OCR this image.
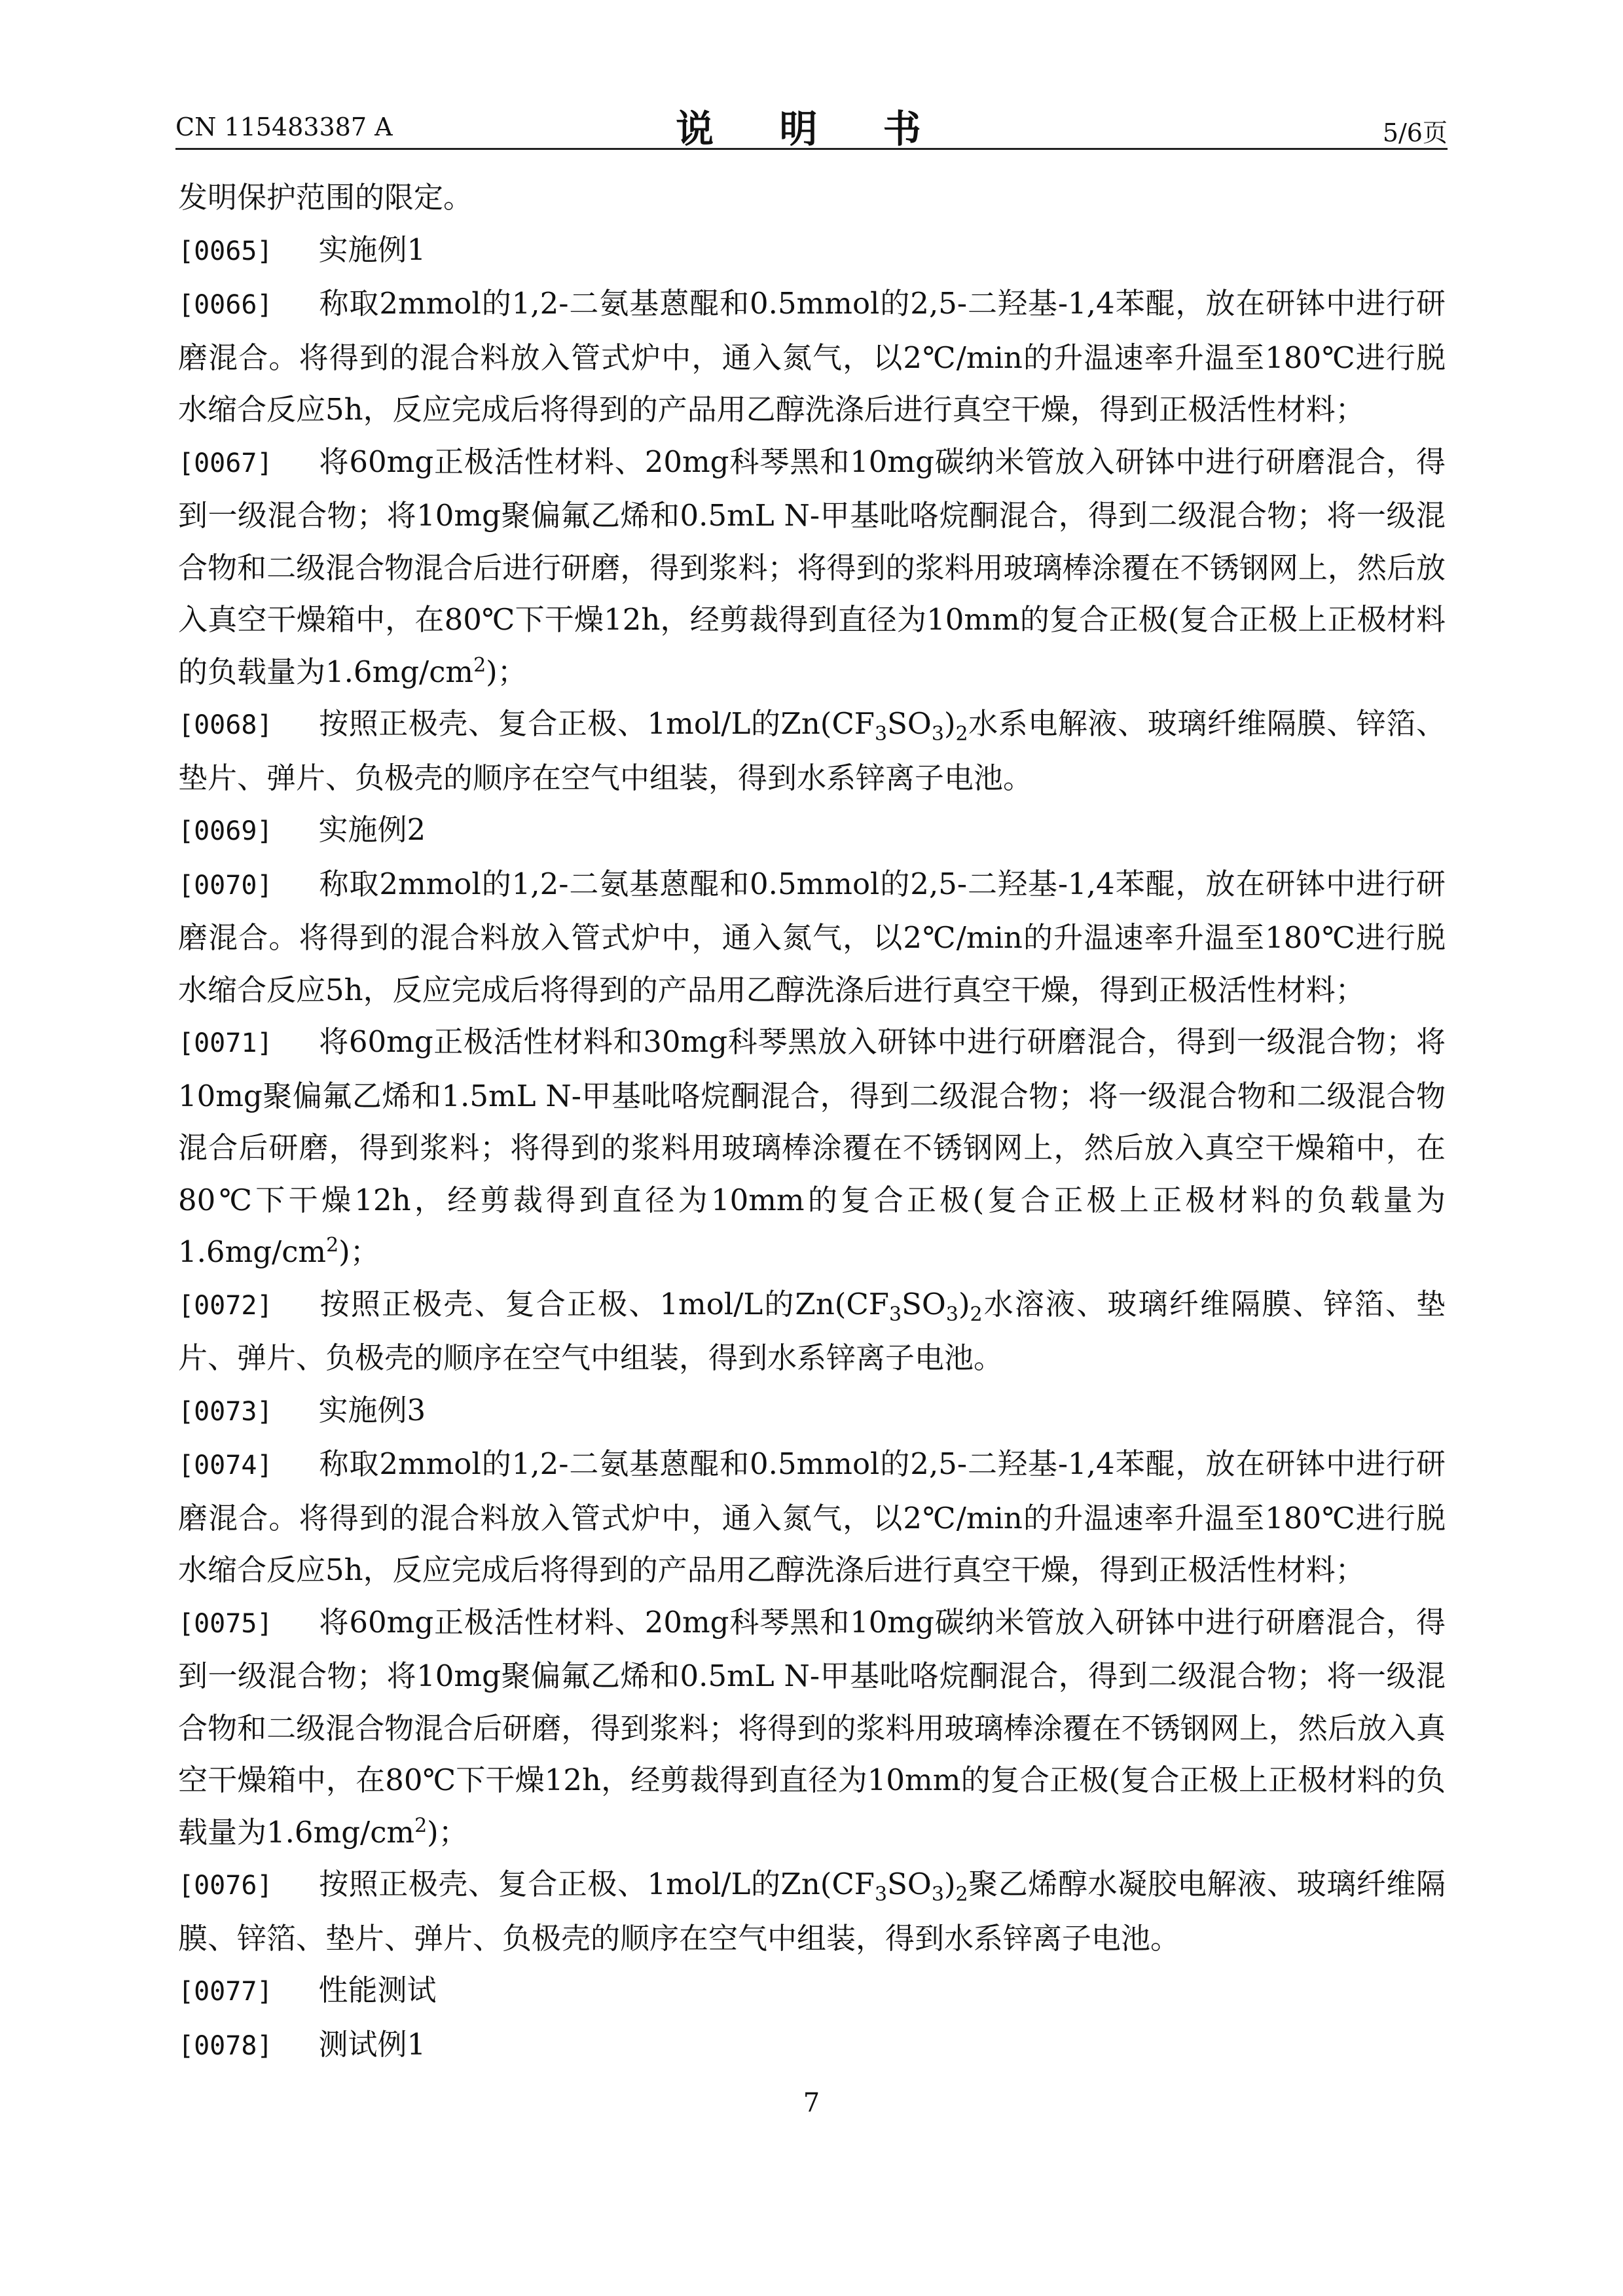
CN 115483387 A	说 明 书	5/6页

发明保护范围的限定。

[0065] 实施例1

[0066] 称取2mmol的1,2-二氨基蒽醌和0.5mmol的2,5-二羟基-1,4苯醌，放在研钵中进行研磨混合。将得到的混合料放入管式炉中，通入氮气，以2℃/min的升温速率升温至180℃进行脱水缩合反应5h，反应完成后将得到的产品用乙醇洗涤后进行真空干燥，得到正极活性材料；

[0067] 将60mg正极活性材料、20mg科琴黑和10mg碳纳米管放入研钵中进行研磨混合，得到一级混合物；将10mg聚偏氟乙烯和0.5mL N-甲基吡咯烷酮混合，得到二级混合物；将一级混合物和二级混合物混合后进行研磨，得到浆料；将得到的浆料用玻璃棒涂覆在不锈钢网上，然后放入真空干燥箱中，在80℃下干燥12h，经剪裁得到直径为10mm的复合正极(复合正极上正极材料的负载量为$1.6mg/cm^2$)；

[0068] 按照正极壳、复合正极、1mol/L的$Zn(CF_3SO_3)_2$水系电解液、玻璃纤维隔膜、锌箔、垫片、弹片、负极壳的顺序在空气中组装，得到水系锌离子电池。

[0069] 实施例2

[0070] 称取2mmol的1,2-二氨基蒽醌和0.5mmol的2,5-二羟基-1,4苯醌，放在研钵中进行研磨混合。将得到的混合料放入管式炉中，通入氮气，以2℃/min的升温速率升温至180℃进行脱水缩合反应5h，反应完成后将得到的产品用乙醇洗涤后进行真空干燥，得到正极活性材料；

[0071] 将60mg正极活性材料和30mg科琴黑放入研钵中进行研磨混合，得到一级混合物；将10mg聚偏氟乙烯和1.5mL N-甲基吡咯烷酮混合，得到二级混合物；将一级混合物和二级混合物混合后研磨，得到浆料；将得到的浆料用玻璃棒涂覆在不锈钢网上，然后放入真空干燥箱中，在80℃下干燥12h，经剪裁得到直径为10mm的复合正极(复合正极上正极材料的负载量为$1.6mg/cm^2$)；

[0072] 按照正极壳、复合正极、1mol/L的$Zn(CF_3SO_3)_2$水溶液、玻璃纤维隔膜、锌箔、垫片、弹片、负极壳的顺序在空气中组装，得到水系锌离子电池。

[0073] 实施例3

[0074] 称取2mmol的1,2-二氨基蒽醌和0.5mmol的2,5-二羟基-1,4苯醌，放在研钵中进行研磨混合。将得到的混合料放入管式炉中，通入氮气，以2℃/min的升温速率升温至180℃进行脱水缩合反应5h，反应完成后将得到的产品用乙醇洗涤后进行真空干燥，得到正极活性材料；

[0075] 将60mg正极活性材料、20mg科琴黑和10mg碳纳米管放入研钵中进行研磨混合，得到一级混合物；将10mg聚偏氟乙烯和0.5mL N-甲基吡咯烷酮混合，得到二级混合物；将一级混合物和二级混合物混合后研磨，得到浆料；将得到的浆料用玻璃棒涂覆在不锈钢网上，然后放入真空干燥箱中，在80℃下干燥12h，经剪裁得到直径为10mm的复合正极(复合正极上正极材料的负载量为$1.6mg/cm^2$)；

[0076] 按照正极壳、复合正极、1mol/L的$Zn(CF_3SO_3)_2$聚乙烯醇水凝胶电解液、玻璃纤维隔膜、锌箔、垫片、弹片、负极壳的顺序在空气中组装，得到水系锌离子电池。

[0077] 性能测试

[0078] 测试例1

7
